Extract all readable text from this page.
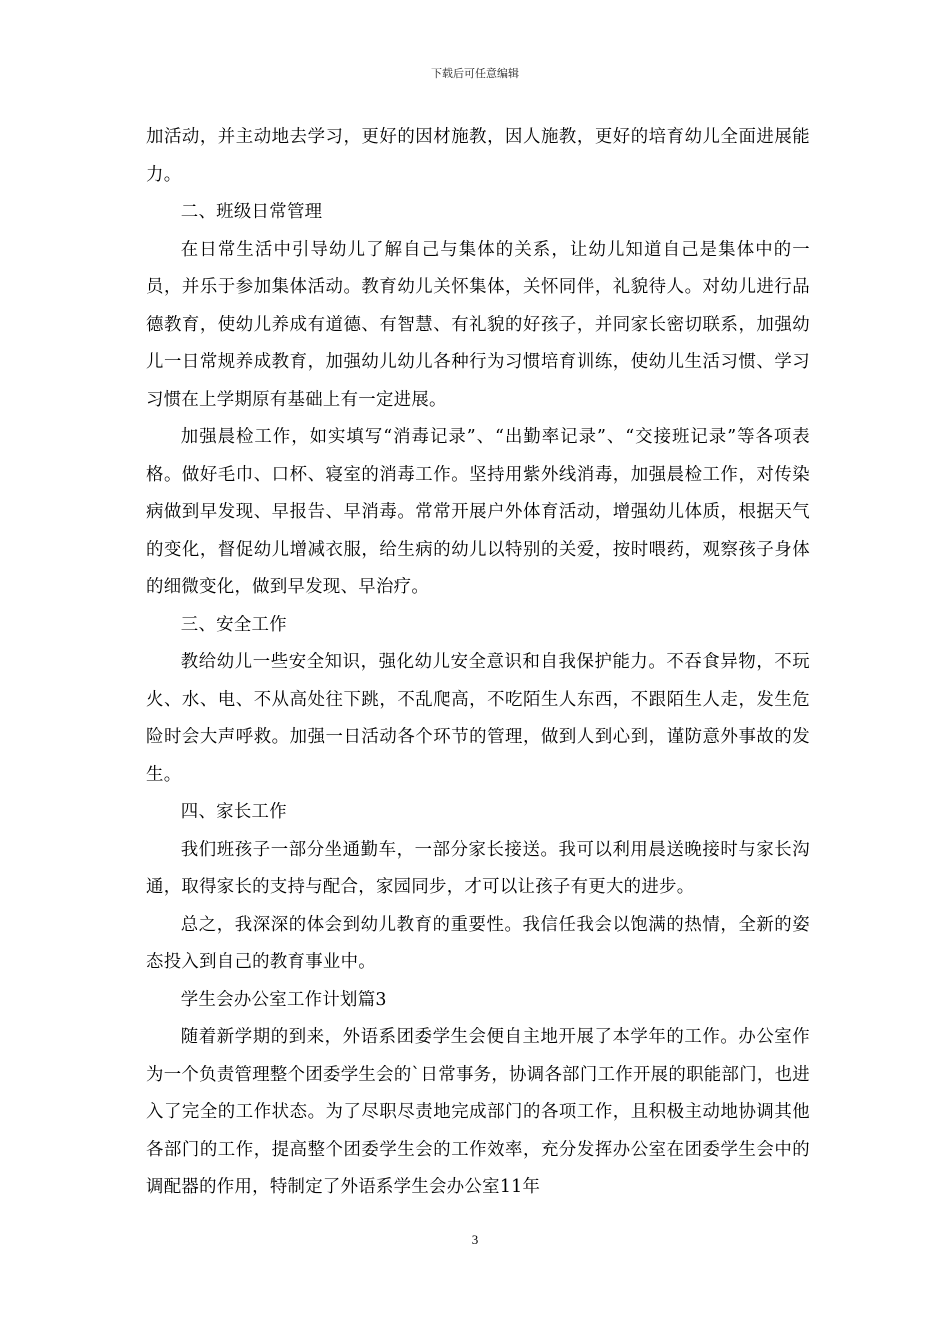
下载后可任意编辑

加活动，并主动地去学习，更好的因材施教，因人施教，更好的培育幼儿全面进展能力。

二、班级日常管理

在日常生活中引导幼儿了解自己与集体的关系，让幼儿知道自己是集体中的一员，并乐于参加集体活动。教育幼儿关怀集体，关怀同伴，礼貌待人。对幼儿进行品德教育，使幼儿养成有道德、有智慧、有礼貌的好孩子，并同家长密切联系，加强幼儿一日常规养成教育，加强幼儿幼儿各种行为习惯培育训练，使幼儿生活习惯、学习习惯在上学期原有基础上有一定进展。

加强晨检工作，如实填写“消毒记录”、“出勤率记录”、“交接班记录”等各项表格。做好毛巾、口杯、寝室的消毒工作。坚持用紫外线消毒，加强晨检工作，对传染病做到早发现、早报告、早消毒。常常开展户外体育活动，增强幼儿体质，根据天气的变化，督促幼儿增减衣服，给生病的幼儿以特别的关爱，按时喂药，观察孩子身体的细微变化，做到早发现、早治疗。

三、安全工作

教给幼儿一些安全知识，强化幼儿安全意识和自我保护能力。不吞食异物，不玩火、水、电、不从高处往下跳，不乱爬高，不吃陌生人东西，不跟陌生人走，发生危险时会大声呼救。加强一日活动各个环节的管理，做到人到心到，谨防意外事故的发生。

四、家长工作

我们班孩子一部分坐通勤车，一部分家长接送。我可以利用晨送晚接时与家长沟通，取得家长的支持与配合，家园同步，才可以让孩子有更大的进步。

总之，我深深的体会到幼儿教育的重要性。我信任我会以饱满的热情，全新的姿态投入到自己的教育事业中。

学生会办公室工作计划篇3

随着新学期的到来，外语系团委学生会便自主地开展了本学年的工作。办公室作为一个负责管理整个团委学生会的`日常事务，协调各部门工作开展的职能部门，也进入了完全的工作状态。为了尽职尽责地完成部门的各项工作，且积极主动地协调其他各部门的工作，提高整个团委学生会的工作效率，充分发挥办公室在团委学生会中的调配器的作用，特制定了外语系学生会办公室11年

3
